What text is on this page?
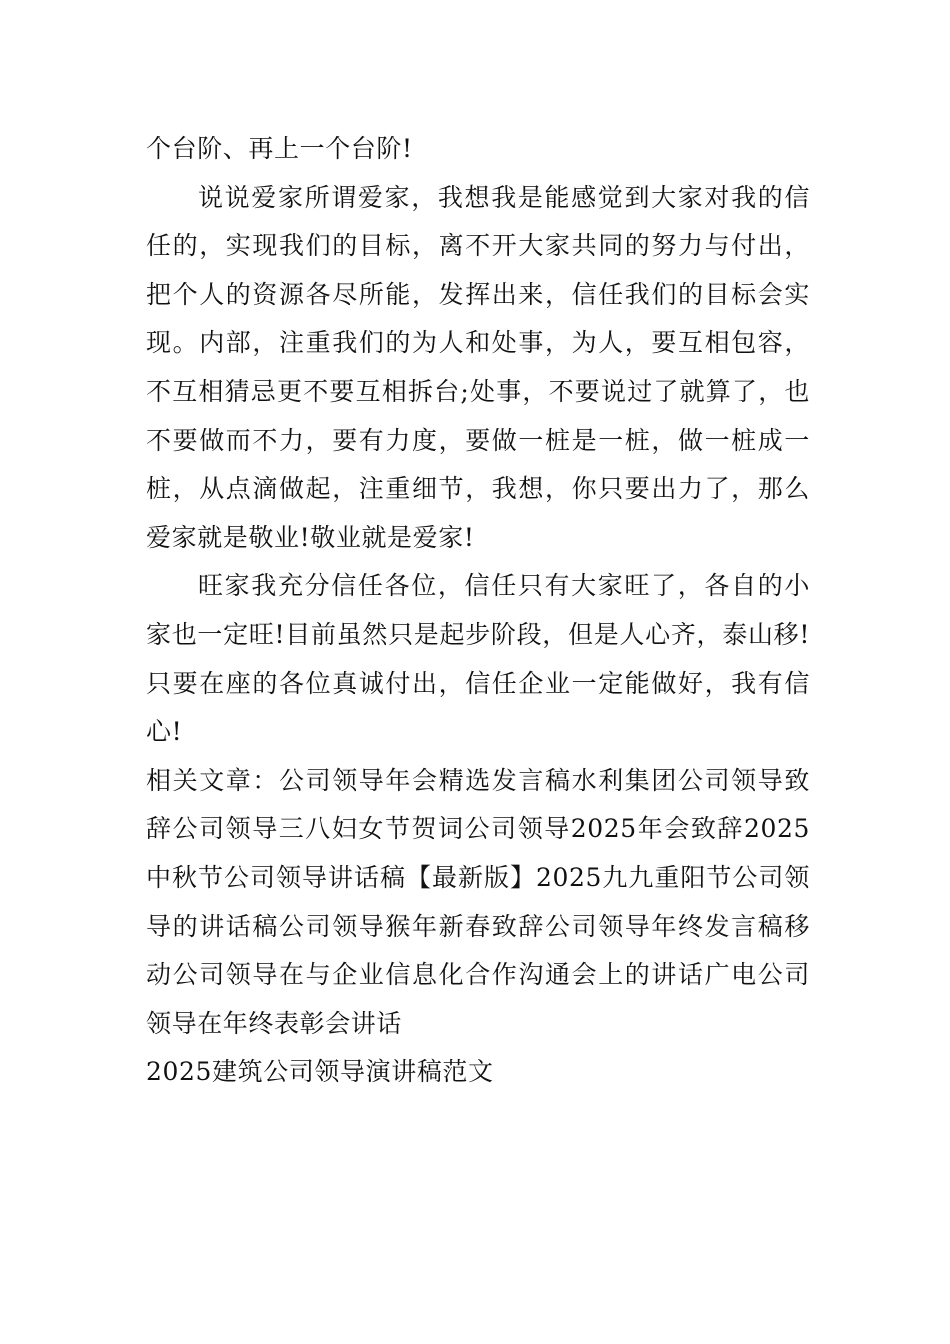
个台阶、再上一个台阶!

说说爱家所谓爱家，我想我是能感觉到大家对我的信任的，实现我们的目标，离不开大家共同的努力与付出，把个人的资源各尽所能，发挥出来，信任我们的目标会实现。内部，注重我们的为人和处事，为人，要互相包容，不互相猜忌更不要互相拆台;处事，不要说过了就算了，也不要做而不力，要有力度，要做一桩是一桩，做一桩成一桩，从点滴做起，注重细节，我想，你只要出力了，那么爱家就是敬业!敬业就是爱家!

旺家我充分信任各位，信任只有大家旺了，各自的小家也一定旺!目前虽然只是起步阶段，但是人心齐，泰山移!只要在座的各位真诚付出，信任企业一定能做好，我有信心!

相关文章：公司领导年会精选发言稿水利集团公司领导致辞公司领导三八妇女节贺词公司领导2025年会致辞2025中秋节公司领导讲话稿【最新版】2025九九重阳节公司领导的讲话稿公司领导猴年新春致辞公司领导年终发言稿移动公司领导在与企业信息化合作沟通会上的讲话广电公司领导在年终表彰会讲话

2025建筑公司领导演讲稿范文
